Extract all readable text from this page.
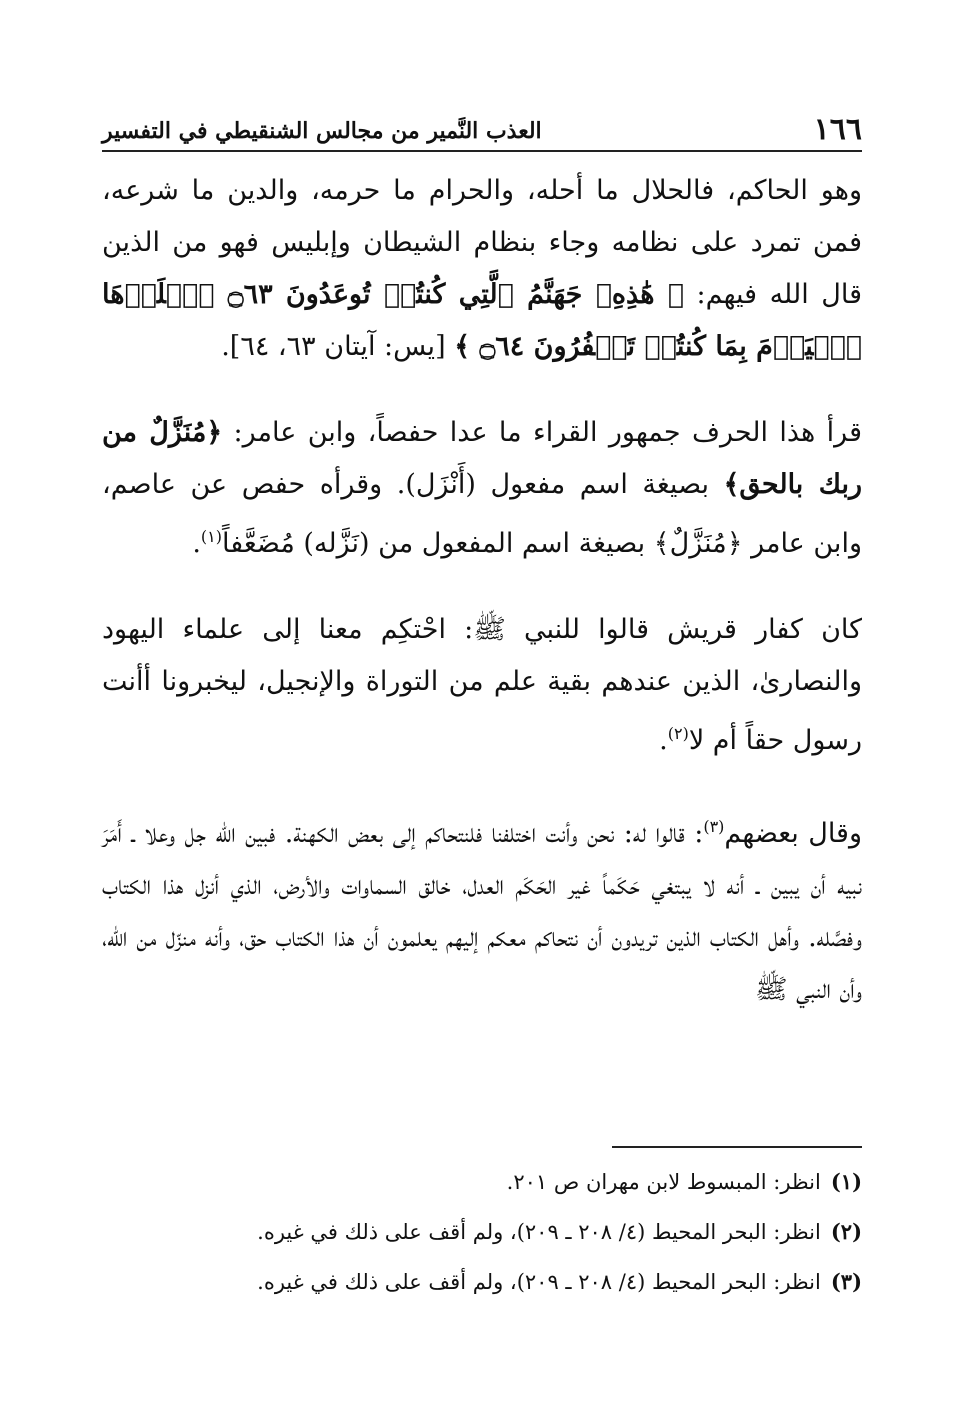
١٦٦
العذب النَّمير من مجالس الشنقيطي في التفسير

وهو الحاكم، فالحلال ما أحله، والحرام ما حرمه، والدين ما شرعه، فمن تمرد على نظامه وجاء بنظام الشيطان وإبليس فهو من الذين قال الله فيهم: ﴿ هَٰذِهِۦ جَهَنَّمُ ٱلَّتِي كُنتُمۡ تُوعَدُونَ ۝٦٣ ٱصۡلَوۡهَا ٱلۡيَوۡمَ بِمَا كُنتُمۡ تَكۡفُرُونَ ۝٦٤ ﴾ [يس: آيتان ٦٣، ٦٤].

قرأ هذا الحرف جمهور القراء ما عدا حفصاً، وابن عامر: ﴿مُنَزَّلٌ من ربك بالحق﴾ بصيغة اسم مفعول (أَنْزَل). وقرأه حفص عن عاصم، وابن عامر ﴿مُنَزَّلٌ﴾ بصيغة اسم المفعول من (نَزَّله) مُضَعَّفاً$^{(١)}$.

كان كفار قريش قالوا للنبي ﷺ: احْتكِم معنا إلى علماء اليهود والنصارىٰ، الذين عندهم بقية علم من التوراة والإنجيل، ليخبرونا أأنت رسول حقاً أم لا$^{(٢)}$.

وقال بعضهم$^{(٣)}$: قالوا له: نحن وأنت اختلفنا فلنتحاكم إلى بعض الكهنة. فبين الله جل وعلا ـ أَمَرَ نبيه أن يبين ـ أنه لا يبتغي حَكَماً غير الحَكَم العدل، خالق السماوات والأرض، الذي أنزل هذا الكتاب وفصَّله. وأهل الكتاب الذين تريدون أن نتحاكم معكم إليهم يعلمون أن هذا الكتاب حق، وأنه منزّل من الله، وأن النبي ﷺ

(١)انظر: المبسوط لابن مهران ص ٢٠١.
(٢)انظر: البحر المحيط (٤/ ٢٠٨ ـ ٢٠٩)، ولم أقف على ذلك في غيره.
(٣)انظر: البحر المحيط (٤/ ٢٠٨ ـ ٢٠٩)، ولم أقف على ذلك في غيره.
